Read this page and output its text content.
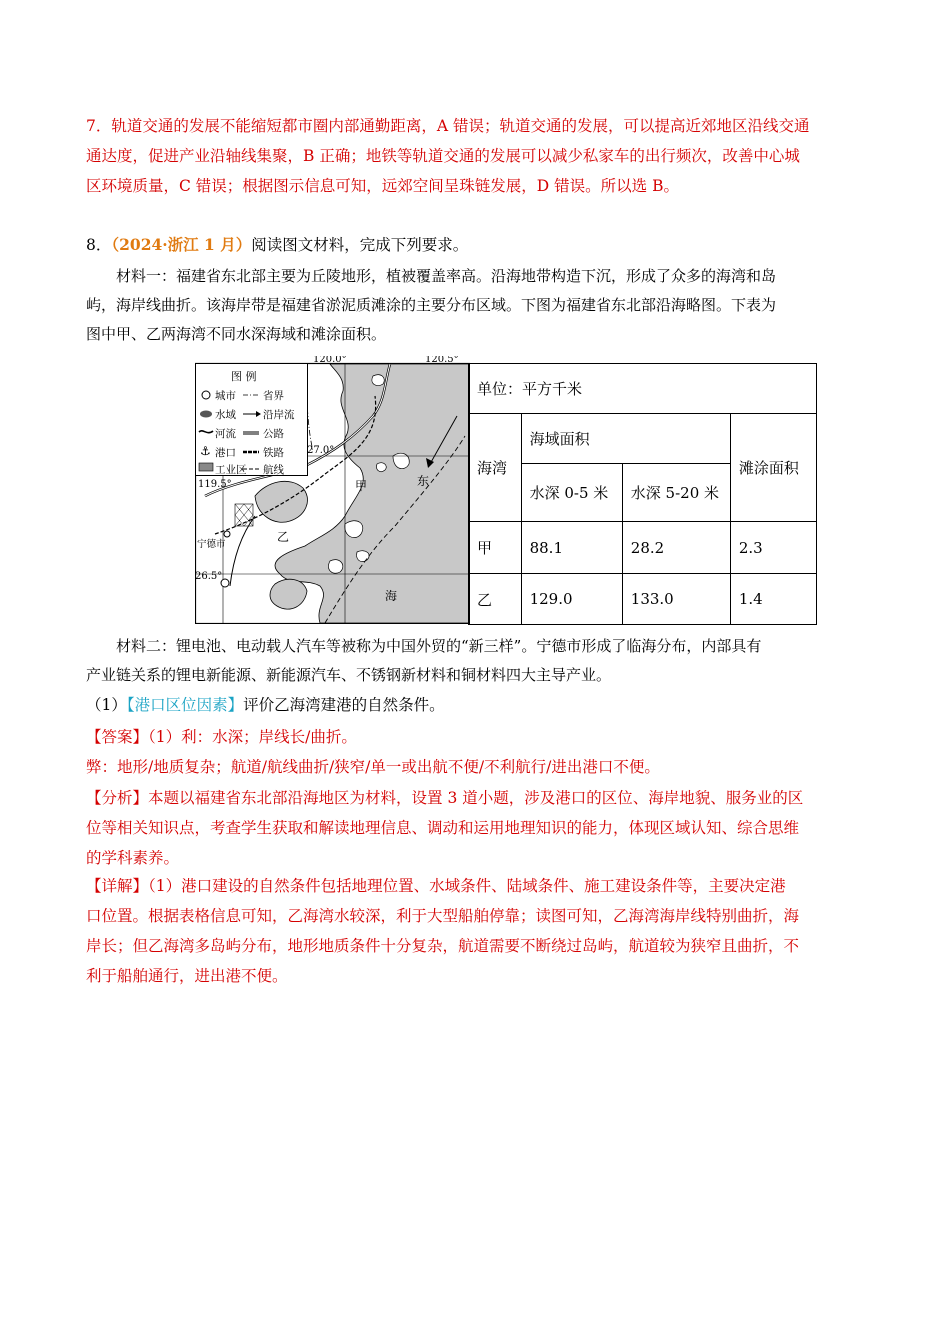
7．轨道交通的发展不能缩短都市圈内部通勤距离，A 错误；轨道交通的发展，可以提高近郊地区沿线交通
通达度，促进产业沿轴线集聚，B 正确；地铁等轨道交通的发展可以减少私家车的出行频次，改善中心城
区环境质量，C 错误；根据图示信息可知，远郊空间呈珠链发展，D 错误。所以选 B。
8．（2024·浙江 1 月）阅读图文材料，完成下列要求。
材料一：福建省东北部主要为丘陵地形，植被覆盖率高。沿海地带构造下沉，形成了众多的海湾和岛
屿，海岸线曲折。该海岸带是福建省淤泥质滩涂的主要分布区域。下图为福建省东北部沿海略图。下表为
图中甲、乙两海湾不同水深海域和滩涂面积。
图 例
⚓
城市	省界
水域	沿岸流
河流	公路
港口	铁路
工业区 航线
120.0°	120.5°
119.5°
27.0°
26.5°
宁德市
甲	东
乙
海
单位：平方千米			
海湾	海域面积		滩涂面积
	水深 0-5 米	水深 5-20 米	
甲	88.1	28.2	2.3
乙	129.0	133.0	1.4
材料二：锂电池、电动载人汽车等被称为中国外贸的“新三样”。宁德市形成了临海分布，内部具有
产业链关系的锂电新能源、新能源汽车、不锈钢新材料和铜材料四大主导产业。
（1）【港口区位因素】评价乙海湾建港的自然条件。
【答案】（1）利：水深；岸线长/曲折。
弊：地形/地质复杂；航道/航线曲折/狭窄/单一或出航不便/不利航行/进出港口不便。
【分析】本题以福建省东北部沿海地区为材料，设置 3 道小题，涉及港口的区位、海岸地貌、服务业的区
位等相关知识点，考查学生获取和解读地理信息、调动和运用地理知识的能力，体现区域认知、综合思维
的学科素养。
【详解】（1）港口建设的自然条件包括地理位置、水域条件、陆域条件、施工建设条件等，主要决定港
口位置。根据表格信息可知，乙海湾水较深，利于大型船舶停靠；读图可知，乙海湾海岸线特别曲折，海
岸长；但乙海湾多岛屿分布，地形地质条件十分复杂，航道需要不断绕过岛屿，航道较为狭窄且曲折，不
利于船舶通行，进出港不便。
